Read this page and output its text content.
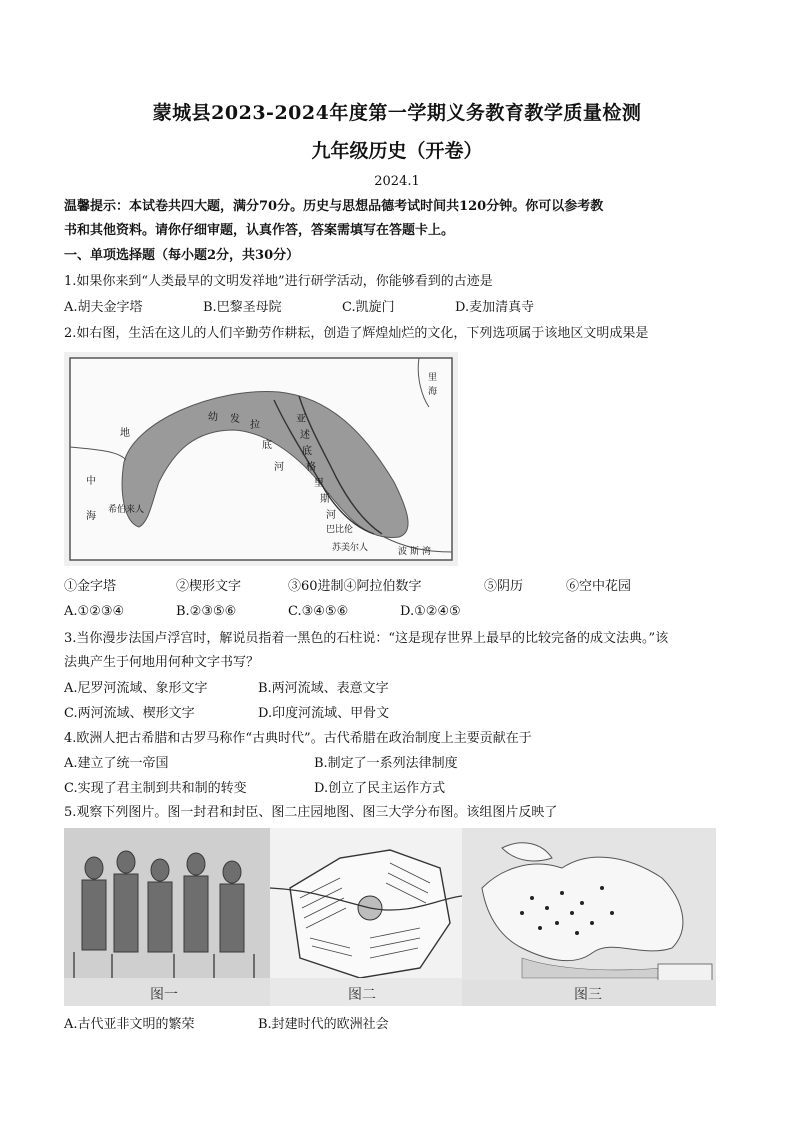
蒙城县2023-2024年度第一学期义务教育教学质量检测
九年级历史（开卷）
2024.1
温馨提示：本试卷共四大题，满分70分。历史与思想品德考试时间共120分钟。你可以参考教
书和其他资料。请你仔细审题，认真作答，答案需填写在答题卡上。
一、单项选择题（每小题2分，共30分）
1.如果你来到“人类最早的文明发祥地”进行研学活动，你能够看到的古迹是
A.胡夫金字塔	B.巴黎圣母院	C.凯旋门	D.麦加清真寺
2.如右图，生活在这儿的人们辛勤劳作耕耘，创造了辉煌灿烂的文化，下列选项属于该地区文明成果是
地
中
海
亚
述
底
格
里
斯
河
幼 发
拉
底
河
巴比伦
苏美尔人
希伯来人
波 斯 湾
里
海
①金字塔	②楔形文字	③60进制④阿拉伯数字	⑤阴历	⑥空中花园
A.①②③④	B.②③⑤⑥	C.③④⑤⑥	D.①②④⑤
3.当你漫步法国卢浮宫时，解说员指着一黑色的石柱说：“这是现存世界上最早的比较完备的成文法典。”该
法典产生于何地用何种文字书写？
A.尼罗河流域、象形文字	B.两河流域、表意文字
C.两河流域、楔形文字	D.印度河流域、甲骨文
4.欧洲人把古希腊和古罗马称作“古典时代”。古代希腊在政治制度上主要贡献在于
A.建立了统一帝国	B.制定了一系列法律制度
C.实现了君主制到共和制的转变	D.创立了民主运作方式
5.观察下列图片。图一封君和封臣、图二庄园地图、图三大学分布图。该组图片反映了
图一	图二	图三
A.古代亚非文明的繁荣	B.封建时代的欧洲社会
